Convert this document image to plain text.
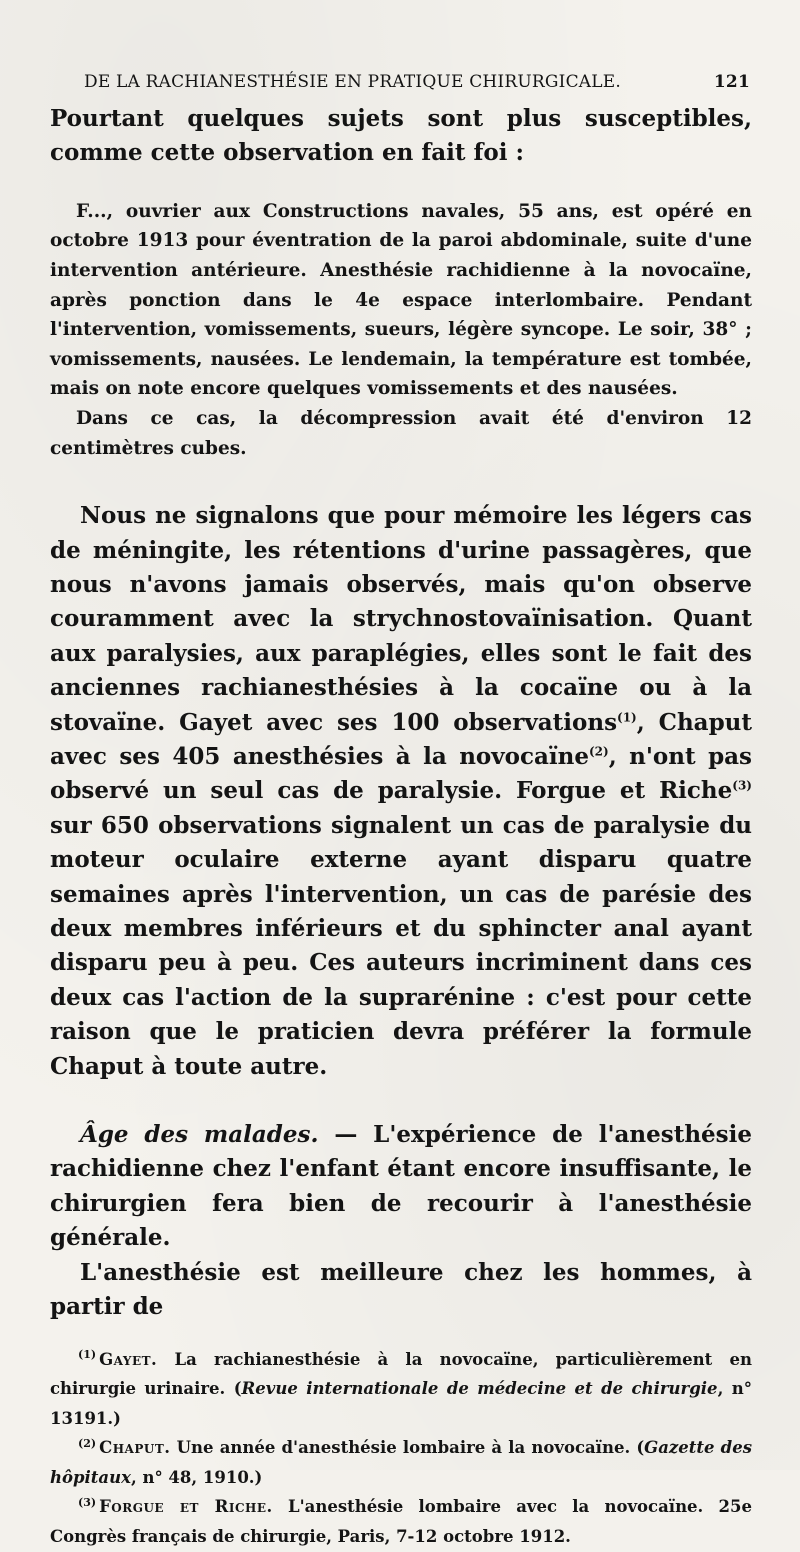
DE LA RACHIANESTHÉSIE EN PRATIQUE CHIRURGICALE.	121

Pourtant quelques sujets sont plus susceptibles, comme cette observation en fait foi :

F..., ouvrier aux Constructions navales, 55 ans, est opéré en octobre 1913 pour éventration de la paroi abdominale, suite d'une intervention antérieure. Anesthésie rachidienne à la novocaïne, après ponction dans le 4e espace interlombaire. Pendant l'intervention, vomissements, sueurs, légère syncope. Le soir, 38° ; vomissements, nausées. Le lendemain, la température est tombée, mais on note encore quelques vomissements et des nausées.

Dans ce cas, la décompression avait été d'environ 12 centimètres cubes.

Nous ne signalons que pour mémoire les légers cas de méningite, les rétentions d'urine passagères, que nous n'avons jamais observés, mais qu'on observe couramment avec la strychnostovaïnisation. Quant aux paralysies, aux paraplégies, elles sont le fait des anciennes rachianesthésies à la cocaïne ou à la stovaïne. Gayet avec ses 100 observations$^{(1)}$, Chaput avec ses 405 anesthésies à la novocaïne$^{(2)}$, n'ont pas observé un seul cas de paralysie. Forgue et Riche$^{(3)}$ sur 650 observations signalent un cas de paralysie du moteur oculaire externe ayant disparu quatre semaines après l'intervention, un cas de parésie des deux membres inférieurs et du sphincter anal ayant disparu peu à peu. Ces auteurs incriminent dans ces deux cas l'action de la suprarénine : c'est pour cette raison que le praticien devra préférer la formule Chaput à toute autre.

Âge des malades. — L'expérience de l'anesthésie rachidienne chez l'enfant étant encore insuffisante, le chirurgien fera bien de recourir à l'anesthésie générale.

L'anesthésie est meilleure chez les hommes, à partir de

$^{(1)}$ Gayet. La rachianesthésie à la novocaïne, particulièrement en chirurgie urinaire. (Revue internationale de médecine et de chirurgie, n° 13191.)

$^{(2)}$ Chaput. Une année d'anesthésie lombaire à la novocaïne. (Gazette des hôpitaux, n° 48, 1910.)

$^{(3)}$ Forgue et Riche. L'anesthésie lombaire avec la novocaïne. 25e Congrès français de chirurgie, Paris, 7-12 octobre 1912.
